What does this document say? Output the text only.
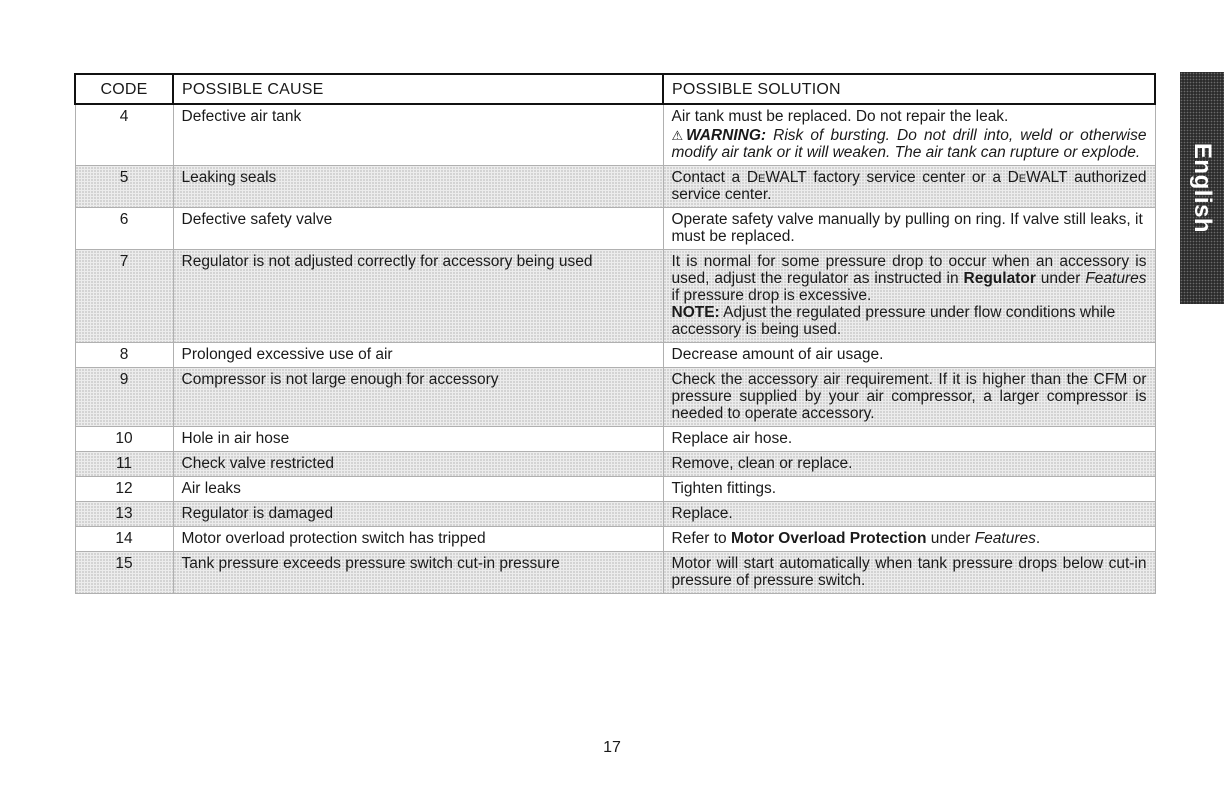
CODE	POSSIBLE CAUSE	POSSIBLE SOLUTION
4	Defective air tank	Air tank must be replaced. Do not repair the leak.
⚠WARNING: Risk of bursting. Do not drill into, weld or otherwise modify air tank or it will weaken. The air tank can rupture or explode.

5	Leaking seals	Contact a DeWALT factory service center or a DeWALT authorized service center.
6	Defective safety valve	Operate safety valve manually by pulling on ring. If valve still leaks, it must be replaced.
7	Regulator is not adjusted correctly for accessory being used	It is normal for some pressure drop to occur when an accessory is used, adjust the regulator as instructed in Regulator under Features if pressure drop is excessive.
NOTE: Adjust the regulated pressure under flow conditions while accessory is being used.

8	Prolonged excessive use of air	Decrease amount of air usage.
9	Compressor is not large enough for accessory	Check the accessory air requirement. If it is higher than the CFM or pressure supplied by your air compressor, a larger compressor is needed to operate accessory.
10	Hole in air hose	Replace air hose.
11	Check valve restricted	Remove, clean or replace.
12	Air leaks	Tighten fittings.
13	Regulator is damaged	Replace.
14	Motor overload protection switch has tripped	Refer to Motor Overload Protection under Features.
15	Tank pressure exceeds pressure switch cut-in pressure	Motor will start automatically when tank pressure drops below cut-in pressure of pressure switch.
English
17
